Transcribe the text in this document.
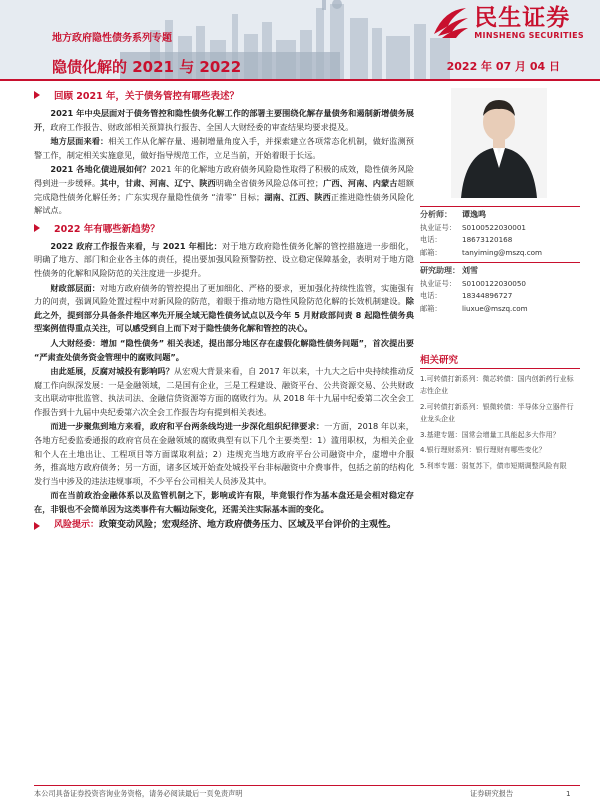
民生证券
MINSHENG SECURITIES
地方政府隐性债务系列专题
隐债化解的 2021 与 2022	2022 年 07 月 04 日
回顾 2021 年，关于债务管控有哪些表述？

2021 年中央层面对于债务管控和隐性债务化解工作的部署主要围绕化解存量债务和遏制新增债务展开，政府工作报告、财政部相关预算执行报告、全国人大财经委的审查结果均要求提及。

地方层面来看：相关工作从化解存量、遏制增量角度入手，并探索建立各项常态化机制，做好监测预警工作，制定相关实施意见，做好指导规范工作，立足当前，开始着眼于长远。

2021 各地化债进展如何？2021 年的化解地方政府债务风险隐性取得了积极的成效，隐性债务风险得到进一步缓释。其中，甘肃、河南、辽宁、陕西明确全省债务风险总体可控；广西、河南、内蒙古超额完成隐性债务化解任务；广东实现存量隐性债务 “清零” 目标；湖南、江西、陕西正推进隐性债务风险化解试点。

2022 年有哪些新趋势？

2022 政府工作报告来看，与 2021 年相比：对于地方政府隐性债务化解的管控措施进一步细化，明确了地方、部门和企业各主体的责任，提出要加强风险预警防控、设立稳定保障基金，表明对于地方隐性债务的化解和风险防范的关注度进一步提升。

财政部层面：对地方政府债务的管控提出了更加细化、严格的要求，更加强化持续性监管，实施强有力的问责，强调风险处置过程中对新风险的防范，着眼于推动地方隐性风险防范化解的长效机制建设。除此之外，提到部分具备条件地区率先开展全域无隐性债务试点以及今年 5 月财政部问责 8 起隐性债务典型案例值得重点关注，可以感受到自上而下对于隐性债务化解和管控的决心。

人大财经委：增加 “隐性债务” 相关表述，提出部分地区存在虚假化解隐性债务问题”，首次提出要 “严肃查处债务资金管理中的腐败问题”。

由此延展，反腐对城投有影响吗？从宏观大背景来看，自 2017 年以来，十九大之后中央持续推动反腐工作向纵深发展：一是金融领域，二是国有企业，三是工程建设、融资平台、公共资源交易、公共财政支出联动审批监管、执法司法、金融信贷资源等方面的腐败行为。从 2018 年十九届中纪委第二次全会工作报告到十九届中央纪委第六次全会工作报告均有提到相关表述。

而进一步聚焦到地方来看，政府和平台两条线均进一步深化组织纪律要求：一方面，2018 年以来，各地方纪委监委通报的政府官员在金融领域的腐败典型有以下几个主要类型：1）滥用职权，为相关企业和个人在土地出让、工程项目等方面谋取利益；2）违规充当地方政府平台公司融资中介，虚增中介服务，推高地方政府债务；另一方面，诸多区域开始查处城投平台非标融资中介费事件，包括之前的结构化发行当中涉及的违法违规事项，不少平台公司相关人员涉及其中。

而在当前政治金融体系以及监管机制之下，影响或许有限，毕竟银行作为基本盘还是会相对稳定存在，非银也不会简单因为这类事件有大幅边际变化，还需关注实际基本面的变化。

风险提示： 政策变动风险；宏观经济、地方政府债务压力、区域及平台评价的主观性。
分析师：	谭逸鸣
执业证号： S0100522030001
电话：	18673120168
邮箱：	tanyiming@mszq.com
研究助理： 刘雪
执业证号： S0100122030050
电话：	18344896727
邮箱：	liuxue@mszq.com
相关研究
1.可转债打新系列：微芯转债：国内创新药行业标志性企业
2.可转债打新系列：银微转债：半导体分立器件行业龙头企业
3.基建专题：国常会增量工具能起多大作用？
4.银行理财系列：银行理财有哪些变化？
5.利率专题：弱复苏下，债市短期调整风险有限
本公司具备证券投资咨询业务资格，请务必阅读最后一页免责声明	证券研究报告	1
